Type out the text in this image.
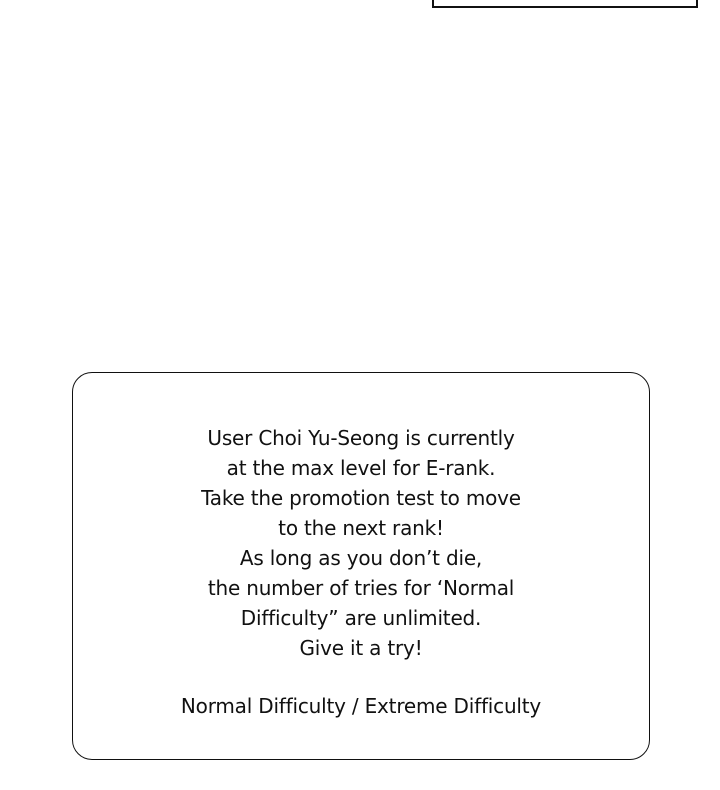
User Choi Yu-Seong is currently
at the max level for E-rank.
Take the promotion test to move
to the next rank!
As long as you don’t die,
the number of tries for ‘Normal
Difficulty” are unlimited.
Give it a try!
Normal Difficulty / Extreme Difficulty
